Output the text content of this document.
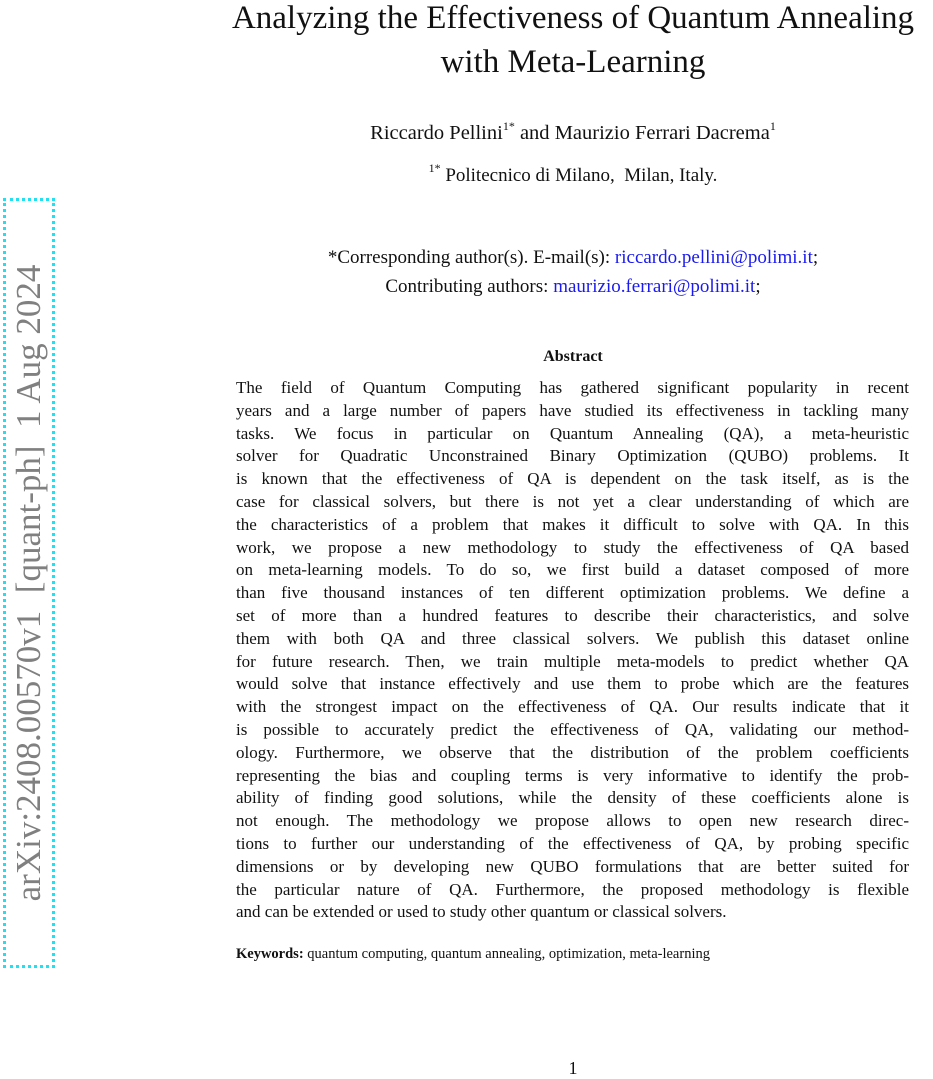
arXiv:2408.00570v1  [quant-ph]  1 Aug 2024
Analyzing the Effectiveness of Quantum Annealing
with Meta-Learning
Riccardo Pellini$^{1*}$ and Maurizio Ferrari Dacrema$^1$
$^{1*}$ Politecnico di Milano,  Milan, Italy.
*Corresponding author(s). E-mail(s): riccardo.pellini@polimi.it;
Contributing authors: maurizio.ferrari@polimi.it;
Abstract
The field of Quantum Computing has gathered significant popularity in recent
years and a large number of papers have studied its effectiveness in tackling many
tasks. We focus in particular on Quantum Annealing (QA), a meta-heuristic
solver for Quadratic Unconstrained Binary Optimization (QUBO) problems. It
is known that the effectiveness of QA is dependent on the task itself, as is the
case for classical solvers, but there is not yet a clear understanding of which are
the characteristics of a problem that makes it difficult to solve with QA. In this
work, we propose a new methodology to study the effectiveness of QA based
on meta-learning models. To do so, we first build a dataset composed of more
than five thousand instances of ten different optimization problems. We define a
set of more than a hundred features to describe their characteristics, and solve
them with both QA and three classical solvers. We publish this dataset online
for future research. Then, we train multiple meta-models to predict whether QA
would solve that instance effectively and use them to probe which are the features
with the strongest impact on the effectiveness of QA. Our results indicate that it
is possible to accurately predict the effectiveness of QA, validating our method-
ology. Furthermore, we observe that the distribution of the problem coefficients
representing the bias and coupling terms is very informative to identify the prob-
ability of finding good solutions, while the density of these coefficients alone is
not enough. The methodology we propose allows to open new research direc-
tions to further our understanding of the effectiveness of QA, by probing specific
dimensions or by developing new QUBO formulations that are better suited for
the particular nature of QA. Furthermore, the proposed methodology is flexible
and can be extended or used to study other quantum or classical solvers.
Keywords: quantum computing, quantum annealing, optimization, meta-learning
1
